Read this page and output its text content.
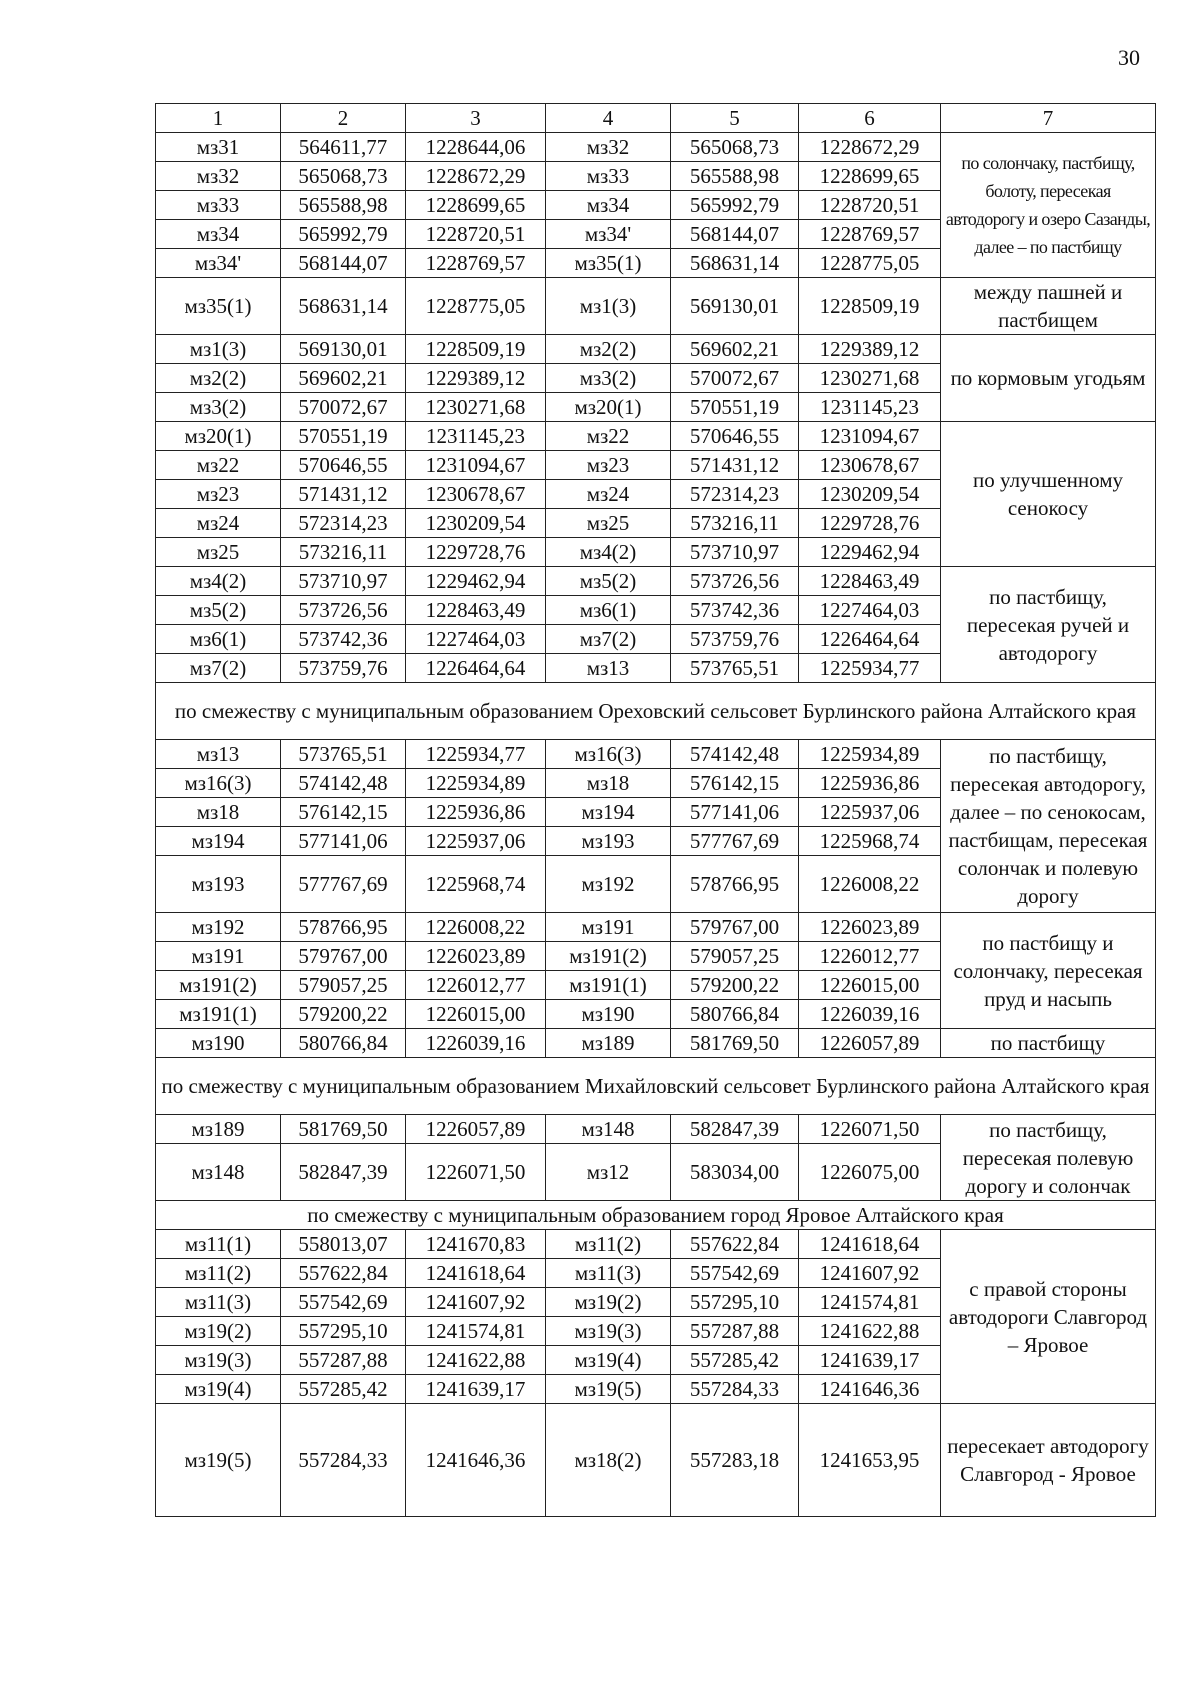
30
1	2	3	4	5	6	7
мз31	564611,77	1228644,06	мз32	565068,73	1228672,29	по солончаку, пастбищу, болоту, пересекая автодорогу и озеро Сазанды, далее – по пастбищу
мз32	565068,73	1228672,29	мз33	565588,98	1228699,65	
мз33	565588,98	1228699,65	мз34	565992,79	1228720,51	
мз34	565992,79	1228720,51	мз34'	568144,07	1228769,57	
мз34'	568144,07	1228769,57	мз35(1)	568631,14	1228775,05	
мз35(1)	568631,14	1228775,05	мз1(3)	569130,01	1228509,19	между пашней и пастбищем
мз1(3)	569130,01	1228509,19	мз2(2)	569602,21	1229389,12	по кормовым угодьям
мз2(2)	569602,21	1229389,12	мз3(2)	570072,67	1230271,68	
мз3(2)	570072,67	1230271,68	мз20(1)	570551,19	1231145,23	
мз20(1)	570551,19	1231145,23	мз22	570646,55	1231094,67	по улучшенному сенокосу
мз22	570646,55	1231094,67	мз23	571431,12	1230678,67	
мз23	571431,12	1230678,67	мз24	572314,23	1230209,54	
мз24	572314,23	1230209,54	мз25	573216,11	1229728,76	
мз25	573216,11	1229728,76	мз4(2)	573710,97	1229462,94	
мз4(2)	573710,97	1229462,94	мз5(2)	573726,56	1228463,49	по пастбищу, пересекая ручей и автодорогу
мз5(2)	573726,56	1228463,49	мз6(1)	573742,36	1227464,03	
мз6(1)	573742,36	1227464,03	мз7(2)	573759,76	1226464,64	
мз7(2)	573759,76	1226464,64	мз13	573765,51	1225934,77	
по смежеству с муниципальным образованием Ореховский сельсовет Бурлинского района Алтайского края						
мз13	573765,51	1225934,77	мз16(3)	574142,48	1225934,89	по пастбищу, пересекая автодорогу, далее – по сенокосам, пастбищам, пересекая солончак и полевую дорогу
мз16(3)	574142,48	1225934,89	мз18	576142,15	1225936,86	
мз18	576142,15	1225936,86	мз194	577141,06	1225937,06	
мз194	577141,06	1225937,06	мз193	577767,69	1225968,74	
мз193	577767,69	1225968,74	мз192	578766,95	1226008,22	
мз192	578766,95	1226008,22	мз191	579767,00	1226023,89	по пастбищу и солончаку, пересекая пруд и насыпь
мз191	579767,00	1226023,89	мз191(2)	579057,25	1226012,77	
мз191(2)	579057,25	1226012,77	мз191(1)	579200,22	1226015,00	
мз191(1)	579200,22	1226015,00	мз190	580766,84	1226039,16	
мз190	580766,84	1226039,16	мз189	581769,50	1226057,89	по пастбищу
по смежеству с муниципальным образованием Михайловский сельсовет Бурлинского района Алтайского края						
мз189	581769,50	1226057,89	мз148	582847,39	1226071,50	по пастбищу, пересекая полевую дорогу и солончак
мз148	582847,39	1226071,50	мз12	583034,00	1226075,00	
по смежеству с муниципальным образованием город Яровое Алтайского края						
мз11(1)	558013,07	1241670,83	мз11(2)	557622,84	1241618,64	с правой стороны автодороги Славгород – Яровое
мз11(2)	557622,84	1241618,64	мз11(3)	557542,69	1241607,92	
мз11(3)	557542,69	1241607,92	мз19(2)	557295,10	1241574,81	
мз19(2)	557295,10	1241574,81	мз19(3)	557287,88	1241622,88	
мз19(3)	557287,88	1241622,88	мз19(4)	557285,42	1241639,17	
мз19(4)	557285,42	1241639,17	мз19(5)	557284,33	1241646,36	
мз19(5)	557284,33	1241646,36	мз18(2)	557283,18	1241653,95	пересекает автодорогу Славгород - Яровое
